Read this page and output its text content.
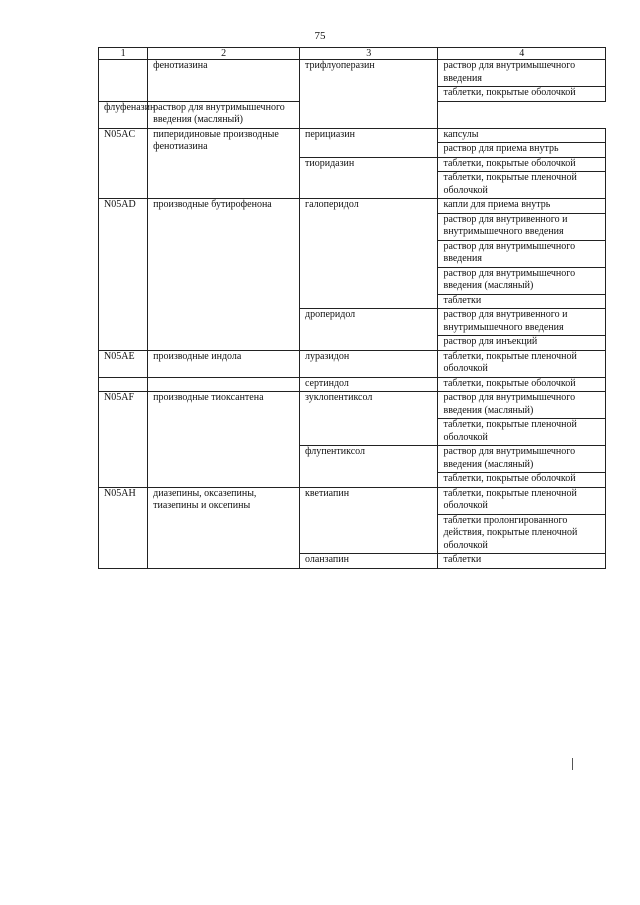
75
1	2	3	4
	фенотиазина	трифлуоперазин	раствор для внутримышечного введения
			таблетки, покрытые оболочкой
флуфеназин	раствор для внутримышечного введения (масляный)		
N05AC	пиперидиновые производные фенотиазина	перициазин	капсулы
			раствор для приема внутрь
		тиоридазин	таблетки, покрытые оболочкой
			таблетки, покрытые пленочной оболочкой
N05AD	производные бутирофенона	галоперидол	капли для приема внутрь
			раствор для внутривенного и внутримышечного введения
			раствор для внутримышечного введения
			раствор для внутримышечного введения (масляный)
			таблетки
		дроперидол	раствор для внутривенного и внутримышечного введения
			раствор для инъекций
N05AE	производные индола	луразидон	таблетки, покрытые пленочной оболочкой
		сертиндол	таблетки, покрытые оболочкой
N05AF	производные тиоксантена	зуклопентиксол	раствор для внутримышечного введения (масляный)
			таблетки, покрытые пленочной оболочкой
		флупентиксол	раствор для внутримышечного введения (масляный)
			таблетки, покрытые оболочкой
N05AH	диазепины, оксазепины, тиазепины и оксепины	кветиапин	таблетки, покрытые пленочной оболочкой
			таблетки пролонгированного действия, покрытые пленочной оболочкой
		оланзапин	таблетки
